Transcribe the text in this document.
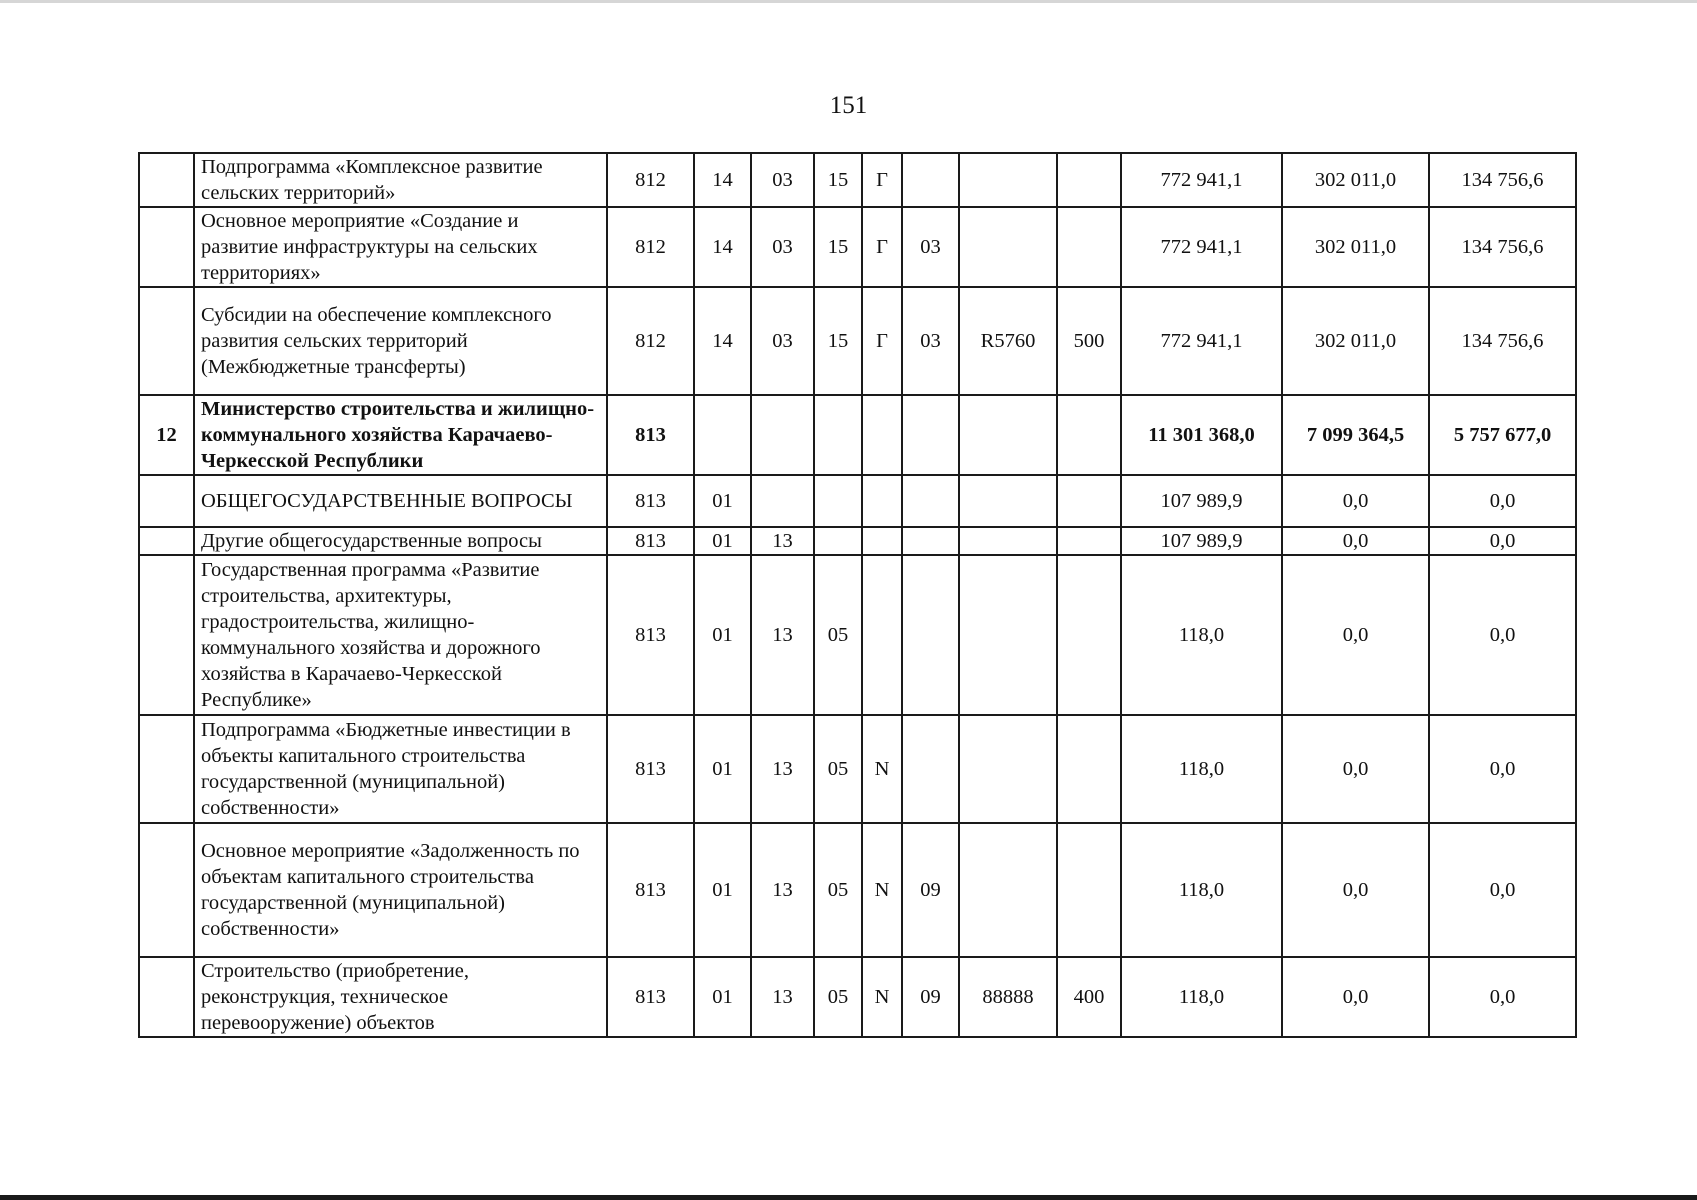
151
	Подпрограмма «Комплексное развитие сельских территорий»	812	14	03	15	Г				772 941,1	302 011,0	134 756,6
	Основное мероприятие «Создание и развитие инфраструктуры на сельских территориях»	812	14	03	15	Г	03			772 941,1	302 011,0	134 756,6
	Субсидии на обеспечение комплексного развития сельских территорий (Межбюджетные трансферты)	812	14	03	15	Г	03	R5760	500	772 941,1	302 011,0	134 756,6
12	Министерство строительства и жилищно-коммунального хозяйства Карачаево-Черкесской Республики	813								11 301 368,0	7 099 364,5	5 757 677,0
	ОБЩЕГОСУДАРСТВЕННЫЕ ВОПРОСЫ	813	01							107 989,9	0,0	0,0
	Другие общегосударственные вопросы	813	01	13						107 989,9	0,0	0,0
	Государственная программа «Развитие строительства, архитектуры, градостроительства, жилищно-коммунального хозяйства и дорожного хозяйства в Карачаево-Черкесской Республике»	813	01	13	05					118,0	0,0	0,0
	Подпрограмма «Бюджетные инвестиции в объекты капитального строительства государственной (муниципальной) собственности»	813	01	13	05	N				118,0	0,0	0,0
	Основное мероприятие «Задолженность по объектам капитального строительства государственной (муниципальной) собственности»	813	01	13	05	N	09			118,0	0,0	0,0
	Строительство (приобретение, реконструкция, техническое перевооружение) объектов	813	01	13	05	N	09	88888	400	118,0	0,0	0,0
